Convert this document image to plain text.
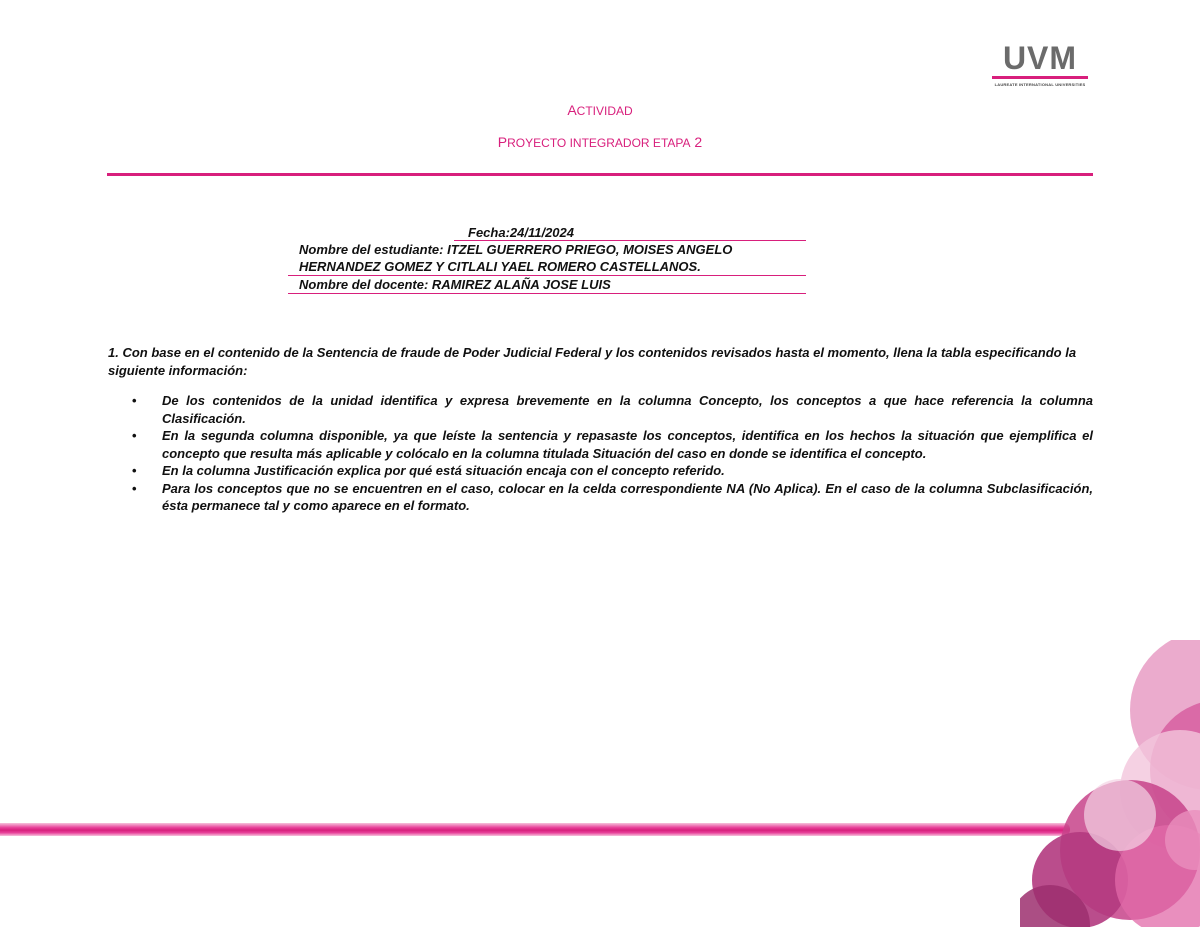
UVM
LAUREATE INTERNATIONAL UNIVERSITIES
ACTIVIDAD
PROYECTO INTEGRADOR ETAPA 2
Fecha:24/11/2024
Nombre del estudiante: ITZEL GUERRERO PRIEGO, MOISES ANGELO HERNANDEZ GOMEZ Y CITLALI YAEL ROMERO CASTELLANOS.
Nombre del docente: RAMIREZ ALAÑA JOSE LUIS

1. Con base en el contenido de la Sentencia de fraude de Poder Judicial Federal y los contenidos revisados hasta el momento, llena la tabla especificando la siguiente información:

• De los contenidos de la unidad identifica y expresa brevemente en la columna Concepto, los conceptos a que hace referencia la columna Clasificación.
• En la segunda columna disponible, ya que leíste la sentencia y repasaste los conceptos, identifica en los hechos la situación que ejemplifica el concepto que resulta más aplicable y colócalo en la columna titulada Situación del caso en donde se identifica el concepto.
• En la columna Justificación explica por qué está situación encaja con el concepto referido.
• Para los conceptos que no se encuentren en el caso, colocar en la celda correspondiente NA (No Aplica). En el caso de la columna Subclasificación, ésta permanece tal y como aparece en el formato.
